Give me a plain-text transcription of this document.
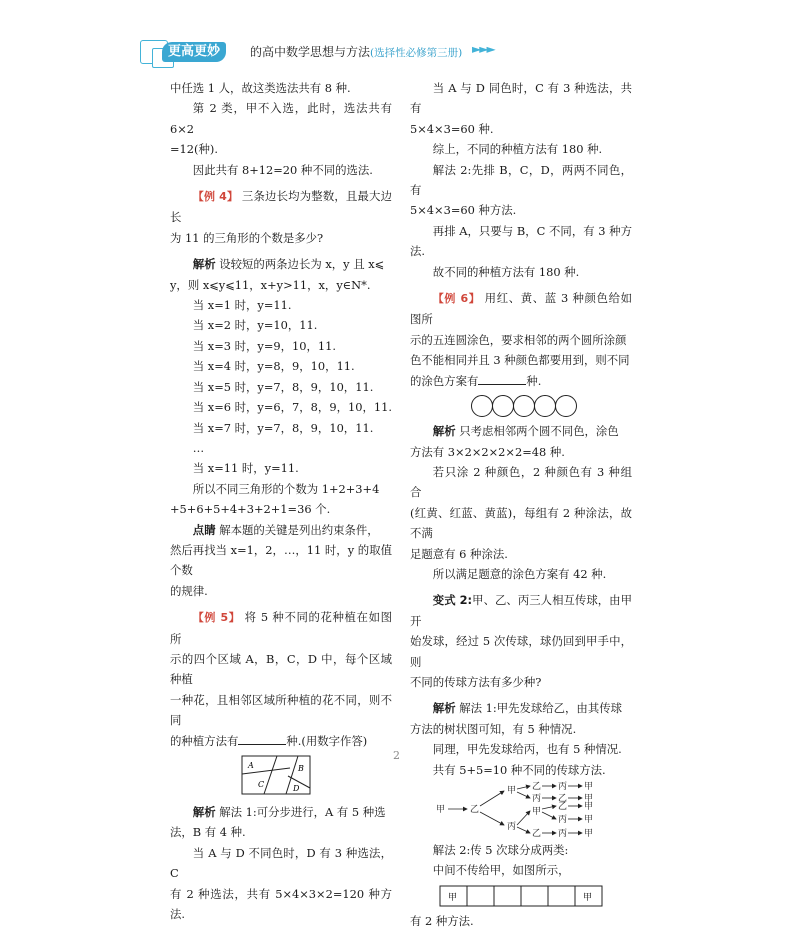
更高更妙	的高中数学思想与方法(选择性必修第三册) ►►►

中任选 1 人，故这类选法共有 8 种.

第 2 类，甲不入选，此时，选法共有 6×2

=12(种).

因此共有 8+12=20 种不同的选法.

【例 4】 三条边长均为整数，且最大边长

为 11 的三角形的个数是多少?

解析 设较短的两条边长为 x，y 且 x⩽

y，则 x⩽y⩽11，x+y>11，x，y∈N*.

当 x=1 时，y=11.

当 x=2 时，y=10，11.

当 x=3 时，y=9，10，11.

当 x=4 时，y=8，9，10，11.

当 x=5 时，y=7，8，9，10，11.

当 x=6 时，y=6，7，8，9，10，11.

当 x=7 时，y=7，8，9，10，11.

…

当 x=11 时，y=11.

所以不同三角形的个数为 1+2+3+4

+5+6+5+4+3+2+1=36 个.

点睛 解本题的关键是列出约束条件，

然后再找当 x=1，2，…，11 时，y 的取值个数

的规律.

【例 5】 将 5 种不同的花种植在如图所

示的四个区域 A，B，C，D 中，每个区域种植

一种花，且相邻区域所种植的花不同，则不同

的种植方法有	种.(用数字作答)

A	B
C	D

解析 解法 1:可分步进行，A 有 5 种选

法，B 有 4 种.

当 A 与 D 不同色时，D 有 3 种选法，C

有 2 种选法，共有 5×4×3×2=120 种方法.

当 A 与 D 同色时，C 有 3 种选法，共有

5×4×3=60 种.

综上，不同的种植方法有 180 种.

解法 2:先排 B，C，D，两两不同色，有

5×4×3=60 种方法.

再排 A，只要与 B，C 不同，有 3 种方法.

故不同的种植方法有 180 种.

【例 6】 用红、黄、蓝 3 种颜色给如图所

示的五连圆涂色，要求相邻的两个圆所涂颜

色不能相同并且 3 种颜色都要用到，则不同

的涂色方案有	种.

解析 只考虑相邻两个圆不同色，涂色

方法有 3×2×2×2×2=48 种.

若只涂 2 种颜色，2 种颜色有 3 种组合

(红黄、红蓝、黄蓝)，每组有 2 种涂法，故不满

足题意有 6 种涂法.

所以满足题意的涂色方案有 42 种.

变式 2:甲、乙、丙三人相互传球，由甲开

始发球，经过 5 次传球，球仍回到甲手中，则

不同的传球方法有多少种?

解析 解法 1:甲先发球给乙，由其传球

方法的树状图可知，有 5 种情况.

同理，甲先发球给丙，也有 5 种情况.

共有 5+5=10 种不同的传球方法.

甲	乙
甲
丙
乙
丙
丙
乙
甲
甲
甲
乙
乙
丙
丙
甲
甲
甲

解法 2:传 5 次球分成两类:

中间不传给甲，如图所示，

甲	甲

有 2 种方法.

2
